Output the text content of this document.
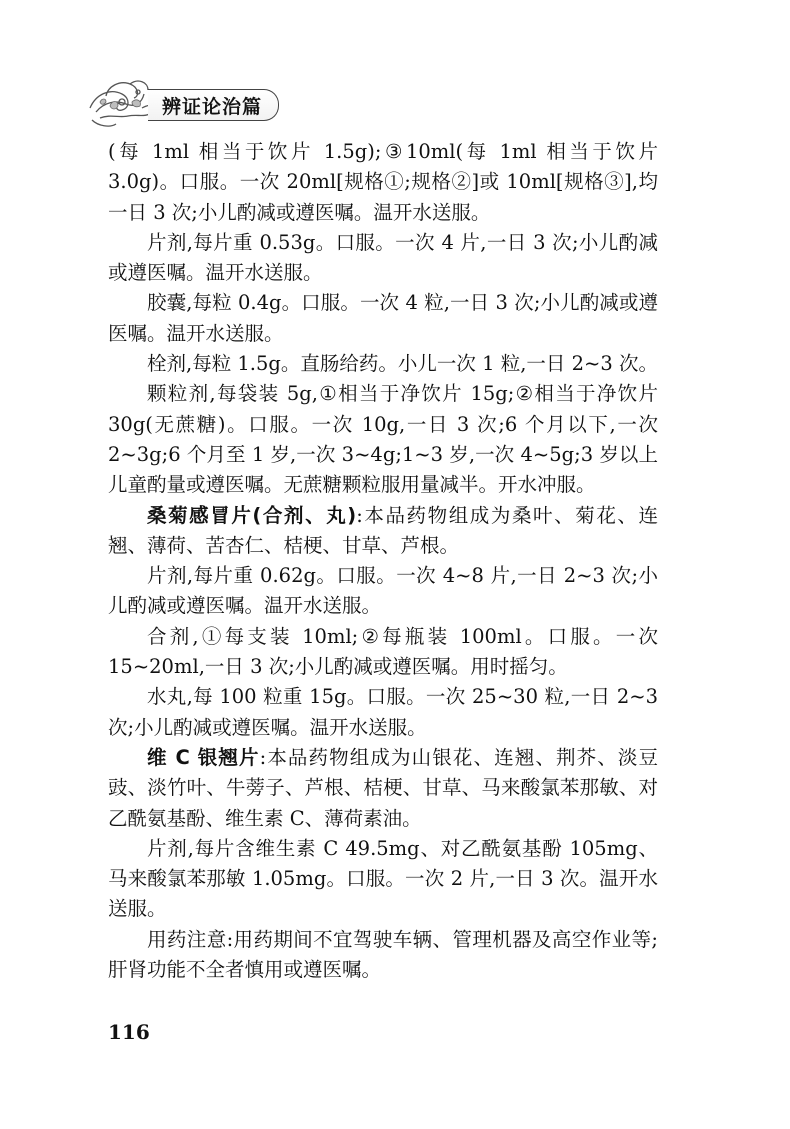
辨证论治篇

(每 1ml 相当于饮片 1.5g);③10ml(每 1ml 相当于饮片 3.0g)。口服。一次 20ml[规格①;规格②]或 10ml[规格③],均一日 3 次;小儿酌减或遵医嘱。温开水送服。

片剂,每片重 0.53g。口服。一次 4 片,一日 3 次;小儿酌减或遵医嘱。温开水送服。

胶囊,每粒 0.4g。口服。一次 4 粒,一日 3 次;小儿酌减或遵医嘱。温开水送服。

栓剂,每粒 1.5g。直肠给药。小儿一次 1 粒,一日 2~3 次。

颗粒剂,每袋装 5g,①相当于净饮片 15g;②相当于净饮片 30g(无蔗糖)。口服。一次 10g,一日 3 次;6 个月以下,一次 2~3g;6 个月至 1 岁,一次 3~4g;1~3 岁,一次 4~5g;3 岁以上儿童酌量或遵医嘱。无蔗糖颗粒服用量减半。开水冲服。

桑菊感冒片(合剂、丸):本品药物组成为桑叶、菊花、连翘、薄荷、苦杏仁、桔梗、甘草、芦根。

片剂,每片重 0.62g。口服。一次 4~8 片,一日 2~3 次;小儿酌减或遵医嘱。温开水送服。

合剂,①每支装 10ml;②每瓶装 100ml。口服。一次 15~20ml,一日 3 次;小儿酌减或遵医嘱。用时摇匀。

水丸,每 100 粒重 15g。口服。一次 25~30 粒,一日 2~3 次;小儿酌减或遵医嘱。温开水送服。

维 C 银翘片:本品药物组成为山银花、连翘、荆芥、淡豆豉、淡竹叶、牛蒡子、芦根、桔梗、甘草、马来酸氯苯那敏、对乙酰氨基酚、维生素 C、薄荷素油。

片剂,每片含维生素 C 49.5mg、对乙酰氨基酚 105mg、马来酸氯苯那敏 1.05mg。口服。一次 2 片,一日 3 次。温开水送服。

用药注意:用药期间不宜驾驶车辆、管理机器及高空作业等;肝肾功能不全者慎用或遵医嘱。

116
